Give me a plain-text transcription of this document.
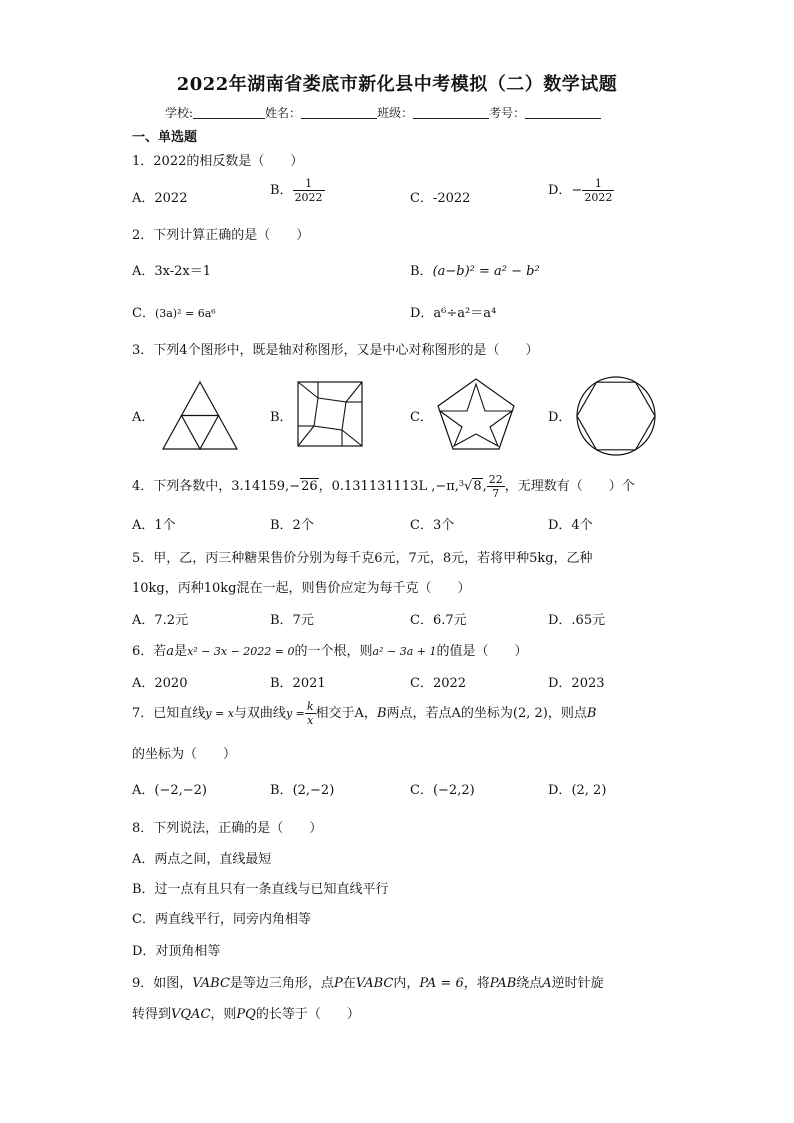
2022年湖南省娄底市新化县中考模拟（二）数学试题
学校:	姓名：	班级：	考号：
一、单选题
1．2022的相反数是（　　）
A．2022
B． $\frac{1}{2022}$	C．-2022
D．− $\frac{1}{2022}$
2．下列计算正确的是（　　）
A．3x-2x＝1	B．(a−b)² = a² − b²
C．(3a)² = 6a⁶	D．a⁶÷a²＝a⁴
3．下列4个图形中，既是轴对称图形，又是中心对称图形的是（　　）
A．	B．	C．	D．
4．下列各数中，3.14159,−26，0.131131113L ,−π,$^3$√8, $\frac{22}{7}$ ，无理数有（　　）个
A．1个	B．2个	C．3个	D．4个
5．甲，乙，丙三种糖果售价分别为每千克6元，7元，8元，若将甲种5kg，乙种
10kg，丙种10kg混在一起，则售价应定为每千克（　　）
A．7.2元	B．7元	C．6.7元	D．.65元
6．若a是x² − 3x − 2022 = 0的一个根，则a² − 3a + 1的值是（　　）
A．2020	B．2021	C．2022	D．2023
7．已知直线y = x与双曲线$y = \frac{k}{x}$ 相交于A，B两点，若点A的坐标为(2, 2)，则点B
的坐标为（　　）
A．(−2,−2)	B．(2,−2)	C．(−2,2)	D．(2, 2)
8．下列说法，正确的是（　　）
A．两点之间，直线最短
B．过一点有且只有一条直线与已知直线平行
C．两直线平行，同旁内角相等
D．对顶角相等
9．如图，VABC是等边三角形，点P在VABC内，PA = 6，将PAB绕点A逆时针旋
转得到VQAC，则PQ的长等于（　　）
